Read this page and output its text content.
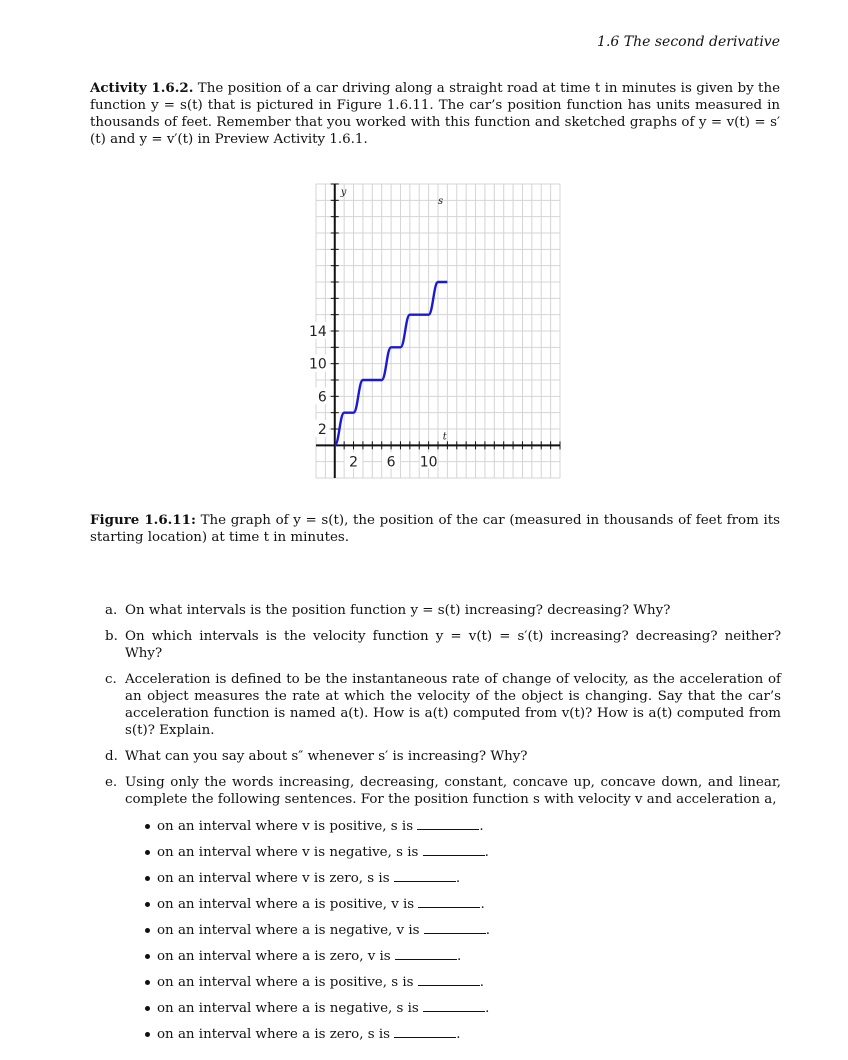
1.6 The second derivative
Activity 1.6.2. The position of a car driving along a straight road at time t in minutes is given by the function y = s(t) that is pictured in Figure 1.6.11. The car’s position function has units measured in thousands of feet. Remember that you worked with this function and sketched graphs of y = v(t) = s′(t) and y = v′(t) in Preview Activity 1.6.1.
2 6 10
2
6
10
14
y
t
s
Figure 1.6.11: The graph of y = s(t), the position of the car (measured in thousands of feet from its starting location) at time t in minutes.
a. On what intervals is the position function y = s(t) increasing? decreasing? Why?
b. On which intervals is the velocity function y = v(t) = s′(t) increasing? decreasing? neither? Why?
c. Acceleration is defined to be the instantaneous rate of change of velocity, as the acceleration of an object measures the rate at which the velocity of the object is changing. Say that the car’s acceleration function is named a(t). How is a(t) computed from v(t)? How is a(t) computed from s(t)? Explain.
d. What can you say about s″ whenever s′ is increasing? Why?
e. Using only the words increasing, decreasing, constant, concave up, concave down, and linear, complete the following sentences. For the position function s with velocity v and acceleration a,
on an interval where v is positive, s is	.
on an interval where v is negative, s is	.
on an interval where v is zero, s is	.
on an interval where a is positive, v is	.
on an interval where a is negative, v is	.
on an interval where a is zero, v is	.
on an interval where a is positive, s is	.
on an interval where a is negative, s is	.
on an interval where a is zero, s is	.
